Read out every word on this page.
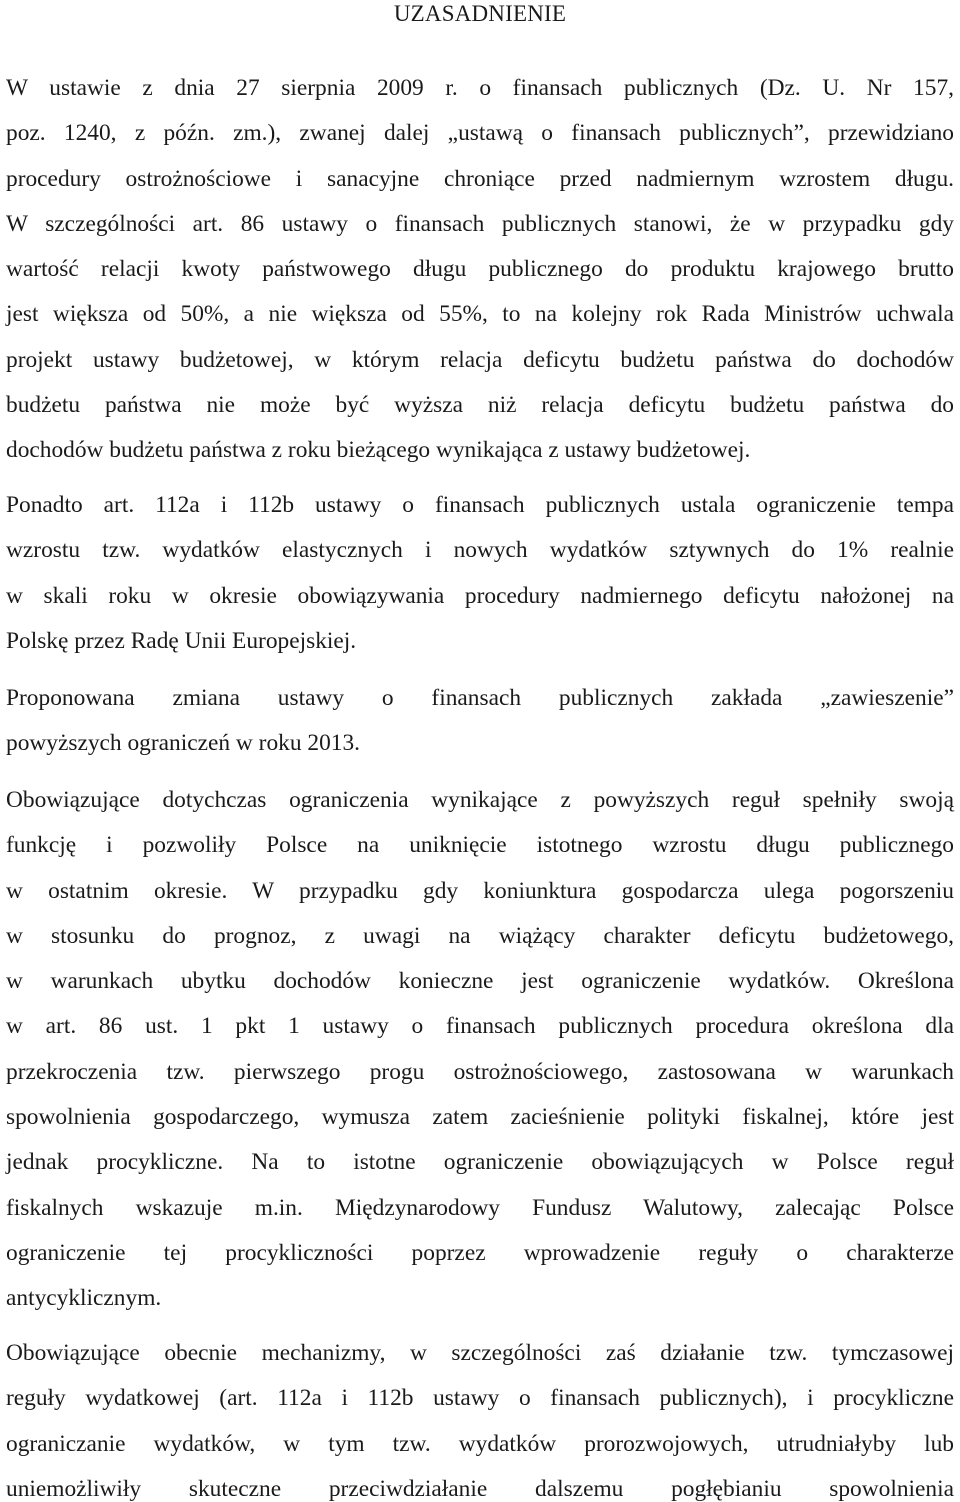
UZASADNIENIE
W ustawie z dnia 27 sierpnia 2009 r. o finansach publicznych (Dz. U. Nr 157,
poz. 1240, z późn. zm.), zwanej dalej „ustawą o finansach publicznych”, przewidziano
procedury ostrożnościowe i sanacyjne chroniące przed nadmiernym wzrostem długu.
W szczególności art. 86 ustawy o finansach publicznych stanowi, że w przypadku gdy
wartość relacji kwoty państwowego długu publicznego do produktu krajowego brutto
jest większa od 50%, a nie większa od 55%, to na kolejny rok Rada Ministrów uchwala
projekt ustawy budżetowej, w którym relacja deficytu budżetu państwa do dochodów
budżetu państwa nie może być wyższa niż relacja deficytu budżetu państwa do
dochodów budżetu państwa z roku bieżącego wynikająca z ustawy budżetowej.
Ponadto art. 112a i 112b ustawy o finansach publicznych ustala ograniczenie tempa
wzrostu tzw. wydatków elastycznych i nowych wydatków sztywnych do 1% realnie
w skali roku w okresie obowiązywania procedury nadmiernego deficytu nałożonej na
Polskę przez Radę Unii Europejskiej.
Proponowana zmiana ustawy o finansach publicznych zakłada „zawieszenie”
powyższych ograniczeń w roku 2013.
Obowiązujące dotychczas ograniczenia wynikające z powyższych reguł spełniły swoją
funkcję i pozwoliły Polsce na uniknięcie istotnego wzrostu długu publicznego
w ostatnim okresie. W przypadku gdy koniunktura gospodarcza ulega pogorszeniu
w stosunku do prognoz, z uwagi na wiążący charakter deficytu budżetowego,
w warunkach ubytku dochodów konieczne jest ograniczenie wydatków. Określona
w art. 86 ust. 1 pkt 1 ustawy o finansach publicznych procedura określona dla
przekroczenia tzw. pierwszego progu ostrożnościowego, zastosowana w warunkach
spowolnienia gospodarczego, wymusza zatem zacieśnienie polityki fiskalnej, które jest
jednak procykliczne. Na to istotne ograniczenie obowiązujących w Polsce reguł
fiskalnych wskazuje m.in. Międzynarodowy Fundusz Walutowy, zalecając Polsce
ograniczenie tej procykliczności poprzez wprowadzenie reguły o charakterze
antycyklicznym.
Obowiązujące obecnie mechanizmy, w szczególności zaś działanie tzw. tymczasowej
reguły wydatkowej (art. 112a i 112b ustawy o finansach publicznych), i procykliczne
ograniczanie wydatków, w tym tzw. wydatków prorozwojowych, utrudniałyby lub
uniemożliwiły skuteczne przeciwdziałanie dalszemu pogłębianiu spowolnienia
